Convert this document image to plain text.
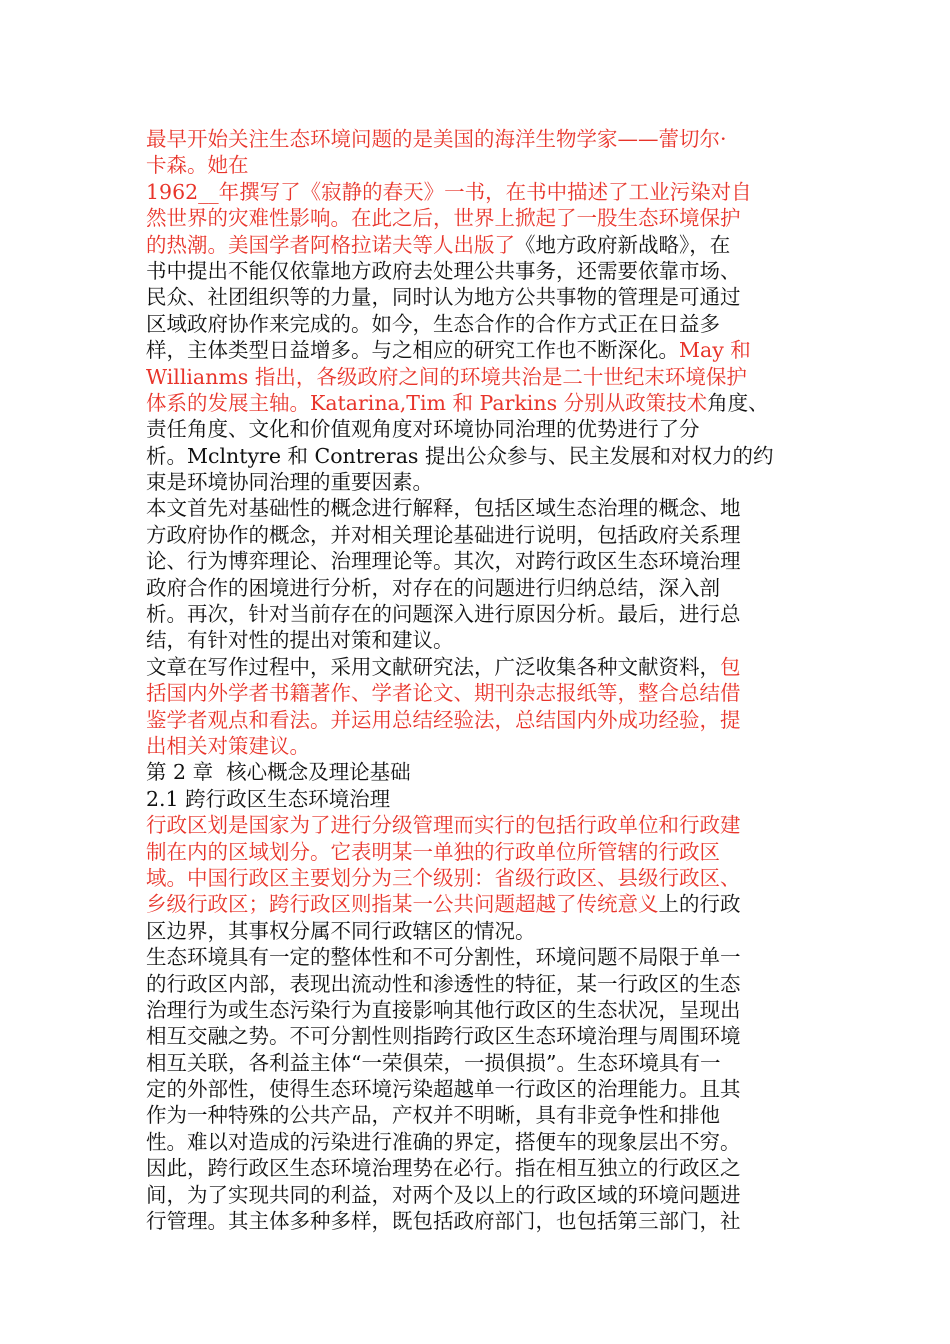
最早开始关注生态环境问题的是美国的海洋生物学家——蕾切尔·
卡森。她在
1962__年撰写了《寂静的春天》一书，在书中描述了工业污染对自
然世界的灾难性影响。在此之后，世界上掀起了一股生态环境保护
的热潮。美国学者阿格拉诺夫等人出版了《地方政府新战略》，在
书中提出不能仅依靠地方政府去处理公共事务，还需要依靠市场、
民众、社团组织等的力量，同时认为地方公共事物的管理是可通过
区域政府协作来完成的。如今，生态合作的合作方式正在日益多
样，主体类型日益增多。与之相应的研究工作也不断深化。May 和
Willianms 指出，各级政府之间的环境共治是二十世纪末环境保护
体系的发展主轴。Katarina,Tim 和 Parkins 分别从政策技术角度、
责任角度、文化和价值观角度对环境协同治理的优势进行了分
析。Mclntyre 和 Contreras 提出公众参与、民主发展和对权力的约
束是环境协同治理的重要因素。
本文首先对基础性的概念进行解释，包括区域生态治理的概念、地
方政府协作的概念，并对相关理论基础进行说明，包括政府关系理
论、行为博弈理论、治理理论等。其次，对跨行政区生态环境治理
政府合作的困境进行分析，对存在的问题进行归纳总结，深入剖
析。再次，针对当前存在的问题深入进行原因分析。最后，进行总
结，有针对性的提出对策和建议。
文章在写作过程中，采用文献研究法，广泛收集各种文献资料，包
括国内外学者书籍著作、学者论文、期刊杂志报纸等，整合总结借
鉴学者观点和看法。并运用总结经验法，总结国内外成功经验，提
出相关对策建议。
第 2 章  核心概念及理论基础
2.1 跨行政区生态环境治理
行政区划是国家为了进行分级管理而实行的包括行政单位和行政建
制在内的区域划分。它表明某一单独的行政单位所管辖的行政区
域。中国行政区主要划分为三个级别：省级行政区、县级行政区、
乡级行政区；跨行政区则指某一公共问题超越了传统意义上的行政
区边界，其事权分属不同行政辖区的情况。
生态环境具有一定的整体性和不可分割性，环境问题不局限于单一
的行政区内部，表现出流动性和渗透性的特征，某一行政区的生态
治理行为或生态污染行为直接影响其他行政区的生态状况，呈现出
相互交融之势。不可分割性则指跨行政区生态环境治理与周围环境
相互关联，各利益主体“一荣俱荣，一损俱损”。生态环境具有一
定的外部性，使得生态环境污染超越单一行政区的治理能力。且其
作为一种特殊的公共产品，产权并不明晰，具有非竞争性和排他
性。难以对造成的污染进行准确的界定，搭便车的现象层出不穷。
因此，跨行政区生态环境治理势在必行。指在相互独立的行政区之
间，为了实现共同的利益，对两个及以上的行政区域的环境问题进
行管理。其主体多种多样，既包括政府部门，也包括第三部门，社
